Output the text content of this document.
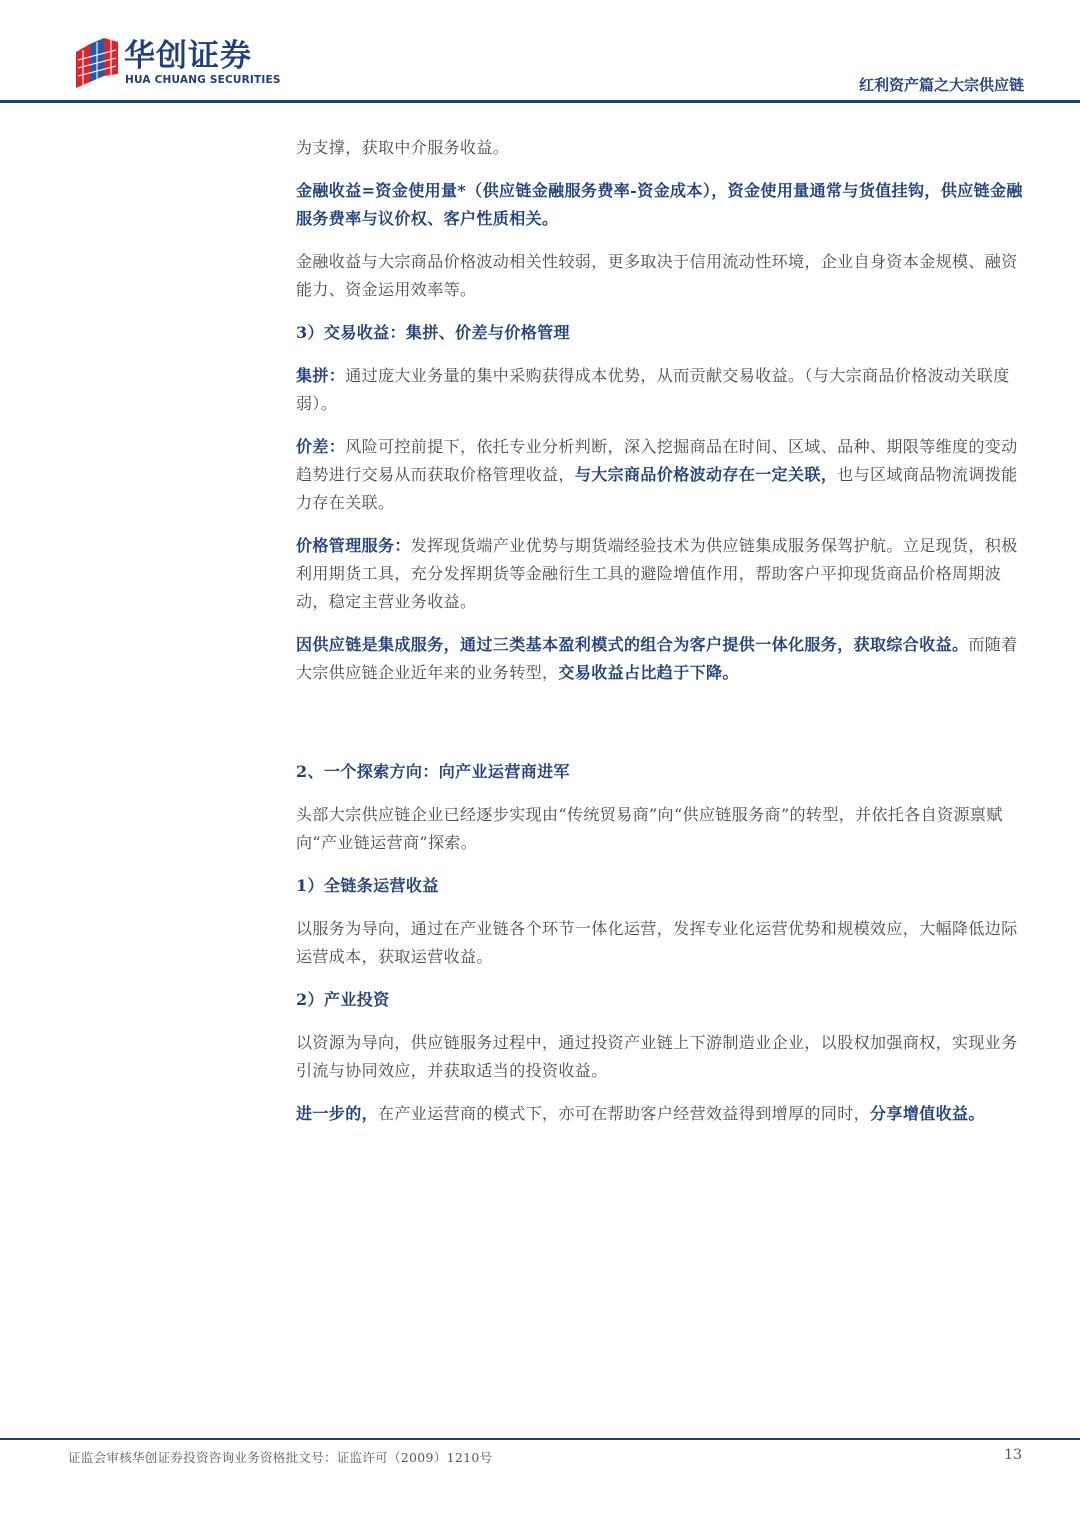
华创证券
HUA CHUANG SECURITIES	红利资产篇之大宗供应链

为支撑，获取中介服务收益。

金融收益=资金使用量*（供应链金融服务费率-资金成本），资金使用量通常与货值挂钩，供应链金融服务费率与议价权、客户性质相关。

金融收益与大宗商品价格波动相关性较弱，更多取决于信用流动性环境，企业自身资本金规模、融资能力、资金运用效率等。

3）交易收益：集拼、价差与价格管理

集拼：通过庞大业务量的集中采购获得成本优势，从而贡献交易收益。（与大宗商品价格波动关联度弱）。

价差：风险可控前提下，依托专业分析判断，深入挖掘商品在时间、区域、品种、期限等维度的变动趋势进行交易从而获取价格管理收益，与大宗商品价格波动存在一定关联，也与区域商品物流调拨能力存在关联。

价格管理服务：发挥现货端产业优势与期货端经验技术为供应链集成服务保驾护航。立足现货，积极利用期货工具，充分发挥期货等金融衍生工具的避险增值作用，帮助客户平抑现货商品价格周期波动，稳定主营业务收益。

因供应链是集成服务，通过三类基本盈利模式的组合为客户提供一体化服务，获取综合收益。而随着大宗供应链企业近年来的业务转型，交易收益占比趋于下降。

2、一个探索方向：向产业运营商进军

头部大宗供应链企业已经逐步实现由“传统贸易商”向“供应链服务商”的转型，并依托各自资源禀赋向“产业链运营商”探索。

1）全链条运营收益

以服务为导向，通过在产业链各个环节一体化运营，发挥专业化运营优势和规模效应，大幅降低边际运营成本，获取运营收益。

2）产业投资

以资源为导向，供应链服务过程中，通过投资产业链上下游制造业企业，以股权加强商权，实现业务引流与协同效应，并获取适当的投资收益。

进一步的，在产业运营商的模式下，亦可在帮助客户经营效益得到增厚的同时，分享增值收益。

证监会审核华创证券投资咨询业务资格批文号：证监许可（2009）1210号	13
